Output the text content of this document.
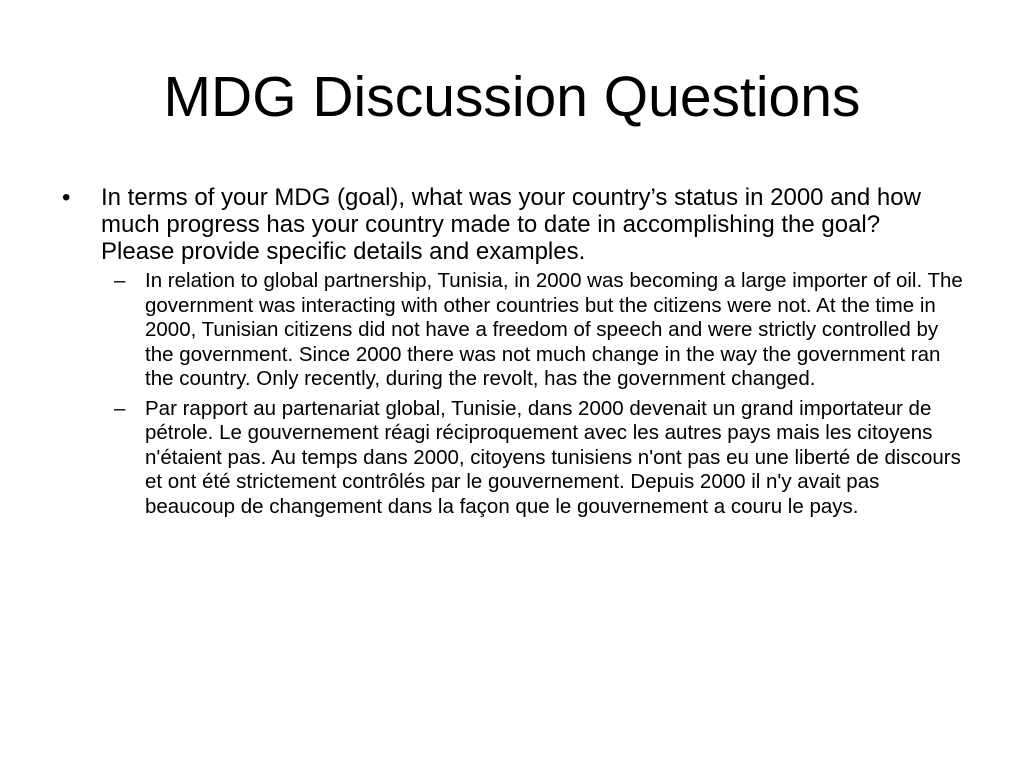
MDG Discussion Questions
• In terms of your MDG (goal), what was your country’s status in 2000 and how much progress has your country made to date in accomplishing the goal? Please provide specific details and examples.
– In relation to global partnership, Tunisia, in 2000 was becoming a large importer of oil. The government was interacting with other countries but the citizens were not. At the time in 2000, Tunisian citizens did not have a freedom of speech and were strictly controlled by the government. Since 2000 there was not much change in the way the government ran the country. Only recently, during the revolt, has the government changed.
– Par rapport au partenariat global, Tunisie, dans 2000 devenait un grand importateur de pétrole. Le gouvernement réagi réciproquement avec les autres pays mais les citoyens n'étaient pas. Au temps dans 2000, citoyens tunisiens n'ont pas eu une liberté de discours et ont été strictement contrôlés par le gouvernement. Depuis 2000 il n'y avait pas beaucoup de changement dans la façon que le gouvernement a couru le pays.
